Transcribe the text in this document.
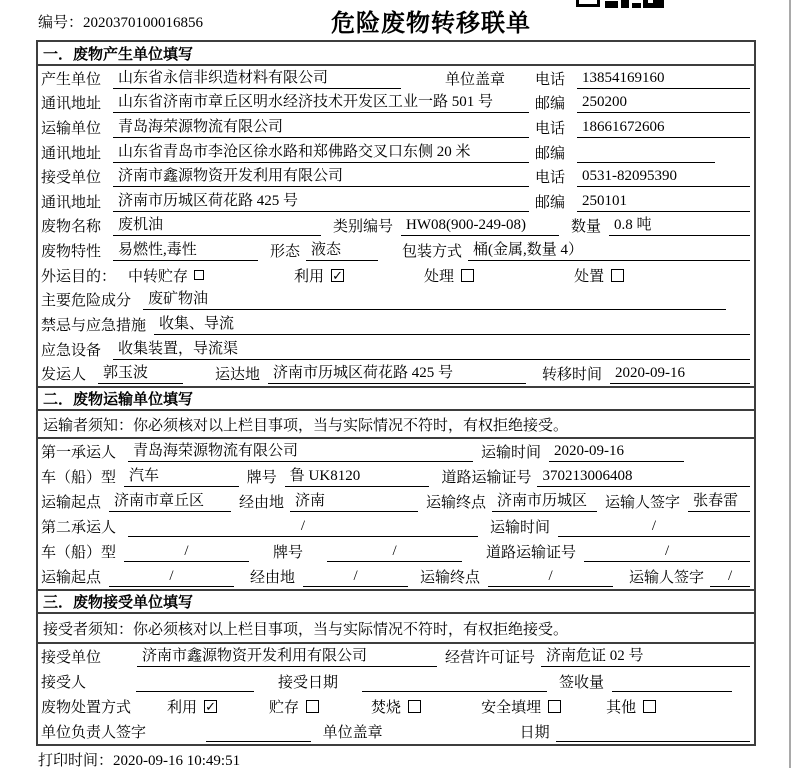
编号：2020370100016856	危险废物转移联单
一．废物产生单位填写
产生单位	山东省永信非织造材料有限公司	单位盖章 电话	13854169160
通讯地址	山东省济南市章丘区明水经济技术开发区工业一路 501 号	邮编	250200
运输单位	青岛海荣源物流有限公司	电话	18661672606
通讯地址	山东省青岛市李沧区徐水路和郑佛路交叉口东侧 20 米	邮编
接受单位	济南市鑫源物资开发利用有限公司	电话	0531-82095390
通讯地址	济南市历城区荷花路 425 号	邮编	250101
废物名称	废机油	类别编号 HW08(900-249-08)	数量 0.8 吨
废物特性	易燃性,毒性	形态 液态	包装方式 桶(金属,数量 4）
外运目的： 中转贮存	利用 ✓	处理	处置
主要危险成分	废矿物油
禁忌与应急措施 收集、导流
应急设备	收集装置，导流渠
发运人	郭玉波	运达地 济南市历城区荷花路 425 号	转移时间 2020-09-16
二．废物运输单位填写
运输者须知：你必须核对以上栏目事项，当与实际情况不符时，有权拒绝接受。
第一承运人	青岛海荣源物流有限公司	运输时间 2020-09-16
车（船）型 汽车	牌号 鲁 UK8120	道路运输证号 370213006408
运输起点 济南市章丘区	经由地 济南	运输终点 济南市历城区	运输人签字 张春雷
第二承运人	/	运输时间	/
车（船）型	/	牌号	/	道路运输证号	/
运输起点	/	经由地	/	运输终点	/	运输人签字	/
三．废物接受单位填写
接受者须知：你必须核对以上栏目事项，当与实际情况不符时，有权拒绝接受。
接受单位	济南市鑫源物资开发利用有限公司	经营许可证号 济南危证 02 号
接受人	接受日期	签收量
废物处置方式 利用 ✓	贮存	焚烧	安全填埋	其他
单位负责人签字	单位盖章	日期
打印时间：2020-09-16 10:49:51
